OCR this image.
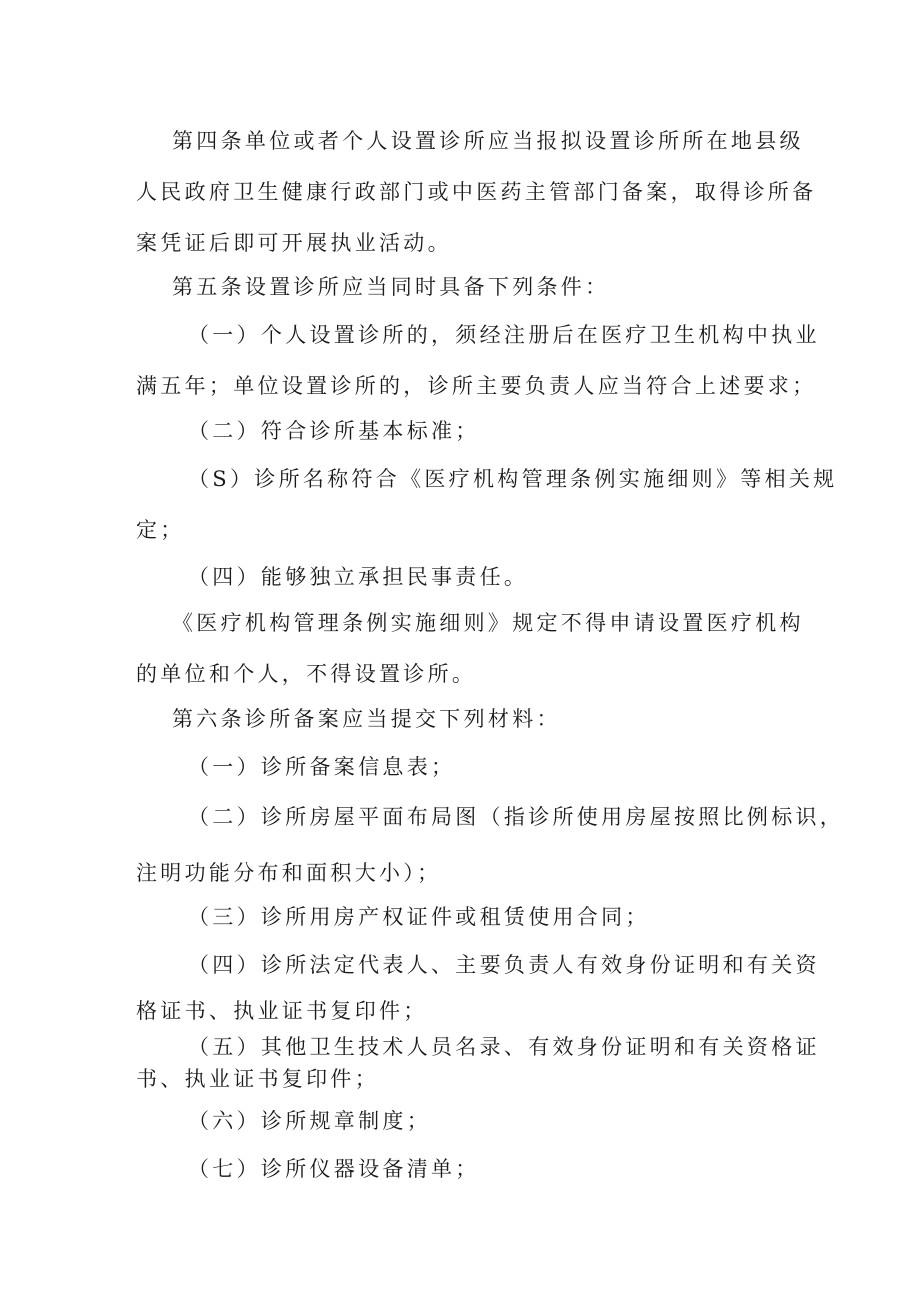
第四条单位或者个人设置诊所应当报拟设置诊所所在地县级
人民政府卫生健康行政部门或中医药主管部门备案，取得诊所备
案凭证后即可开展执业活动。
第五条设置诊所应当同时具备下列条件：
（一）个人设置诊所的，须经注册后在医疗卫生机构中执业
满五年；单位设置诊所的，诊所主要负责人应当符合上述要求；
（二）符合诊所基本标准；
（S）诊所名称符合《医疗机构管理条例实施细则》等相关规
定；
（四）能够独立承担民事责任。
《医疗机构管理条例实施细则》规定不得申请设置医疗机构
的单位和个人，不得设置诊所。
第六条诊所备案应当提交下列材料：
（一）诊所备案信息表；
（二）诊所房屋平面布局图（指诊所使用房屋按照比例标识，
注明功能分布和面积大小）；
（三）诊所用房产权证件或租赁使用合同；
（四）诊所法定代表人、主要负责人有效身份证明和有关资
格证书、执业证书复印件；
（五）其他卫生技术人员名录、有效身份证明和有关资格证
书、执业证书复印件；
（六）诊所规章制度；
（七）诊所仪器设备清单；
